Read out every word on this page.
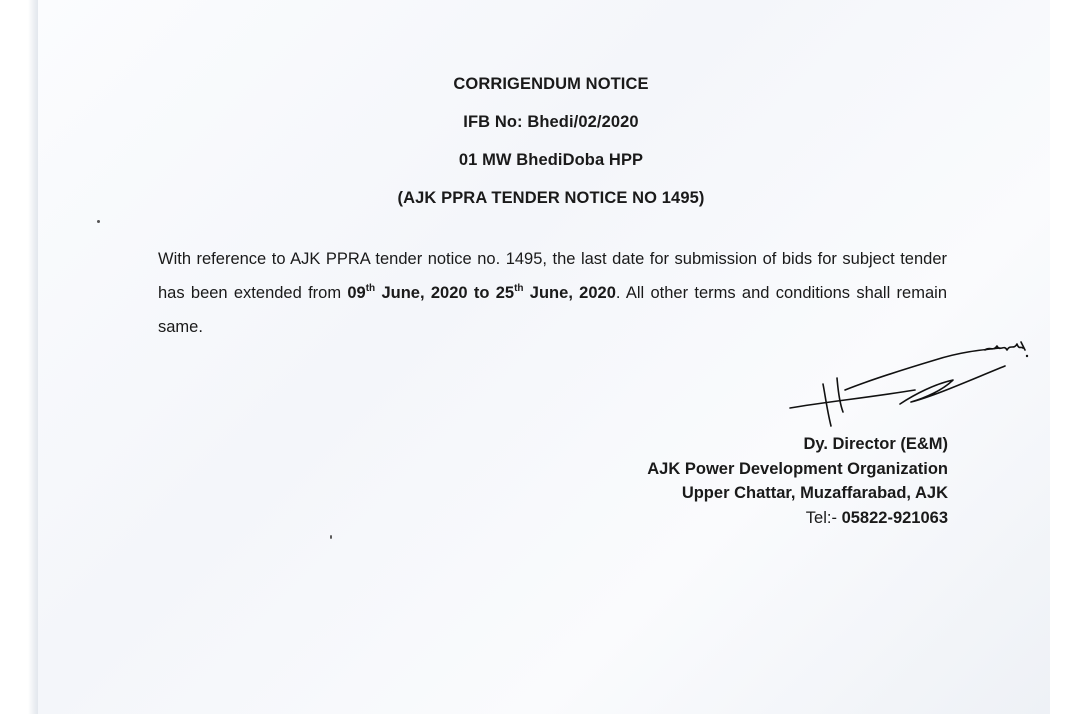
CORRIGENDUM NOTICE
IFB No: Bhedi/02/2020
01 MW BhediDoba HPP
(AJK PPRA TENDER NOTICE NO 1495)
With reference to AJK PPRA tender notice no. 1495, the last date for submission of bids for subject tender has been extended from 09th June, 2020 to 25th June, 2020. All other terms and conditions shall remain same.
Dy. Director (E&M)
AJK Power Development Organization
Upper Chattar, Muzaffarabad, AJK
Tel:- 05822-921063
